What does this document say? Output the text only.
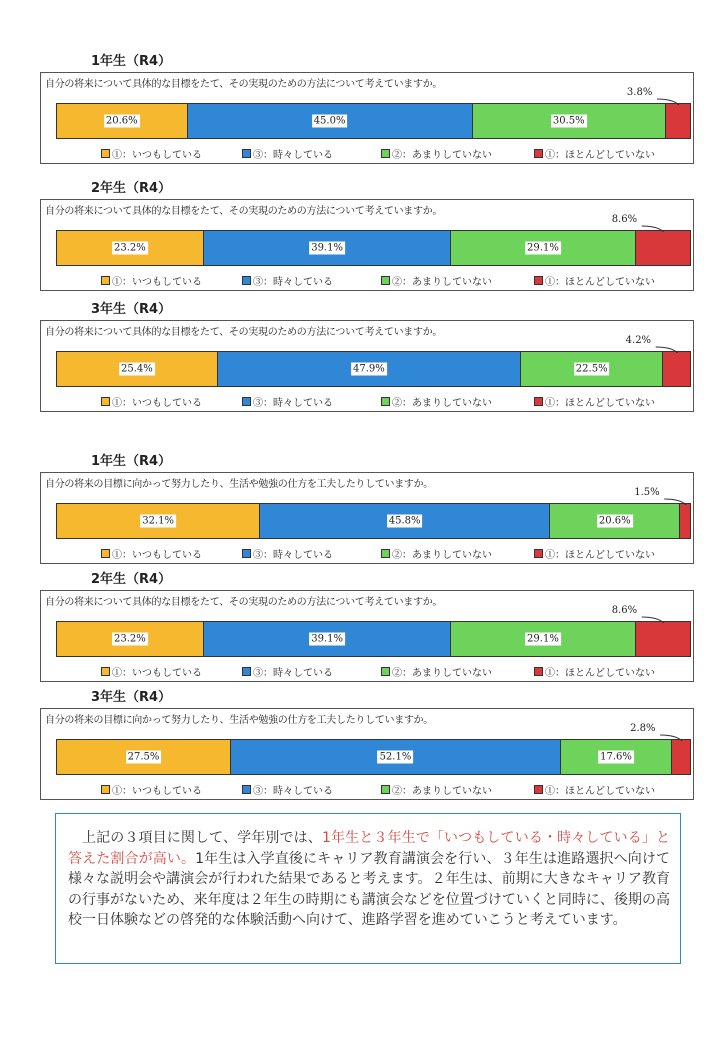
1年生（R4）
自分の将来について具体的な目標をたて、その実現のための方法について考えていますか。
20.6%	45.0%	30.5%
3.8%
①：いつもしている	③：時々している	②：あまりしていない	①：ほとんどしていない
2年生（R4）
自分の将来について具体的な目標をたて、その実現のための方法について考えていますか。
23.2%	39.1%	29.1%
8.6%
①：いつもしている	③：時々している	②：あまりしていない	①：ほとんどしていない
3年生（R4）
自分の将来について具体的な目標をたて、その実現のための方法について考えていますか。
25.4%	47.9%	22.5%
4.2%
①：いつもしている	③：時々している	②：あまりしていない	①：ほとんどしていない
1年生（R4）
自分の将来の目標に向かって努力したり、生活や勉強の仕方を工夫したりしていますか。
32.1%	45.8%	20.6%
1.5%
①：いつもしている	③：時々している	②：あまりしていない	①：ほとんどしていない
2年生（R4）
自分の将来について具体的な目標をたて、その実現のための方法について考えていますか。
23.2%	39.1%	29.1%
8.6%
①：いつもしている	③：時々している	②：あまりしていない	①：ほとんどしていない
3年生（R4）
自分の将来の目標に向かって努力したり、生活や勉強の仕方を工夫したりしていますか。
27.5%	52.1%	17.6%
2.8%
①：いつもしている	③：時々している	②：あまりしていない	①：ほとんどしていない

上記の３項目に関して、学年別では、1年生と３年生で「いつもしている・時々している」と答えた割合が高い。1年生は入学直後にキャリア教育講演会を行い、３年生は進路選択へ向けて様々な説明会や講演会が行われた結果であると考えます。２年生は、前期に大きなキャリア教育の行事がないため、来年度は２年生の時期にも講演会などを位置づけていくと同時に、後期の高校一日体験などの啓発的な体験活動へ向けて、進路学習を進めていこうと考えています。
